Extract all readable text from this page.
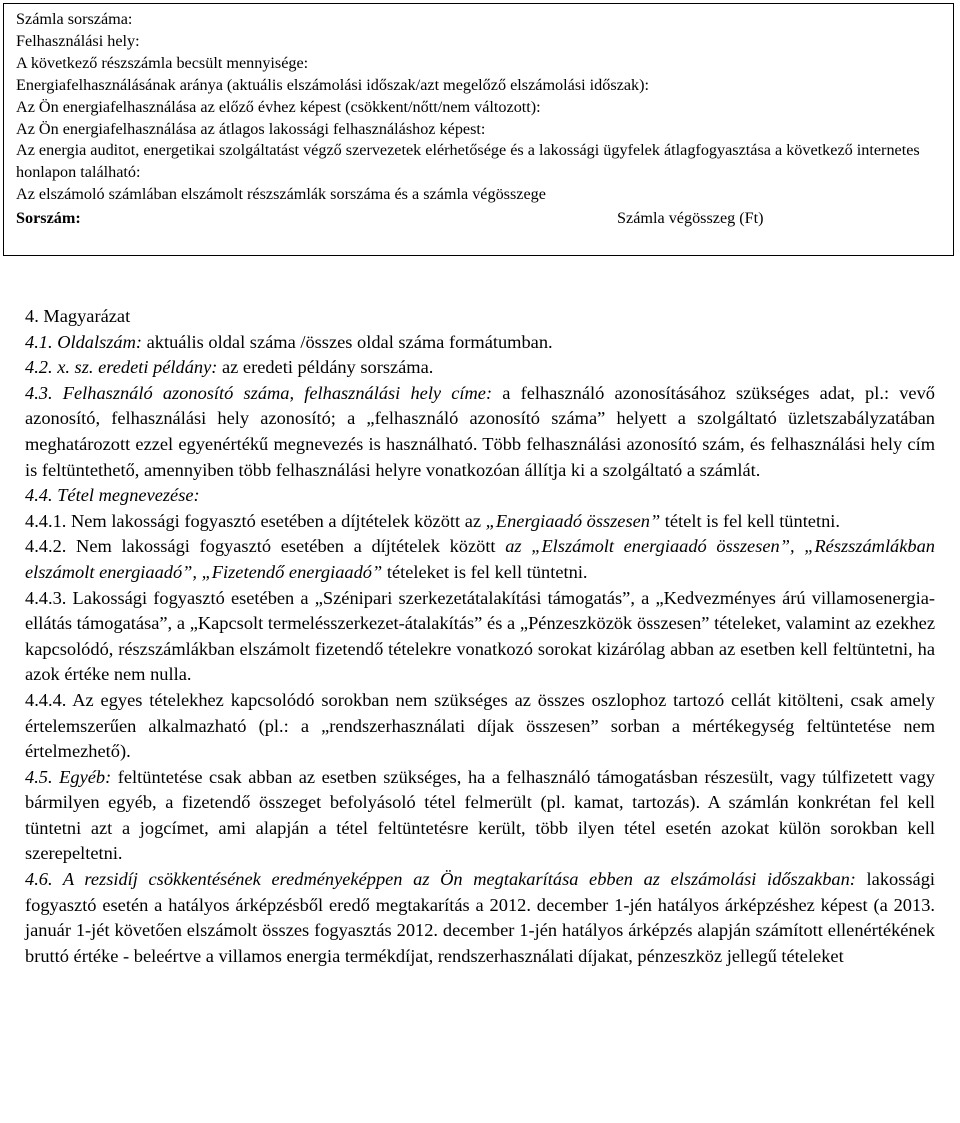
Számla sorszáma:
Felhasználási hely:
A következő részszámla becsült mennyisége:
Energiafelhasználásának aránya (aktuális elszámolási időszak/azt megelőző elszámolási időszak):
Az Ön energiafelhasználása az előző évhez képest (csökkent/nőtt/nem változott):
Az Ön energiafelhasználása az átlagos lakossági felhasználáshoz képest:
Az energia auditot, energetikai szolgáltatást végző szervezetek elérhetősége és a lakossági ügyfelek átlagfogyasztása a következő internetes honlapon található:
Az elszámoló számlában elszámolt részszámlák sorszáma és a számla végösszege
Sorszám:	Számla végösszeg (Ft)

4. Magyarázat

4.1. Oldalszám: aktuális oldal száma /összes oldal száma formátumban.

4.2. x. sz. eredeti példány: az eredeti példány sorszáma.

4.3. Felhasználó azonosító száma, felhasználási hely címe: a felhasználó azonosításához szükséges adat, pl.: vevő azonosító, felhasználási hely azonosító; a „felhasználó azonosító száma” helyett a szolgáltató üzletszabályzatában meghatározott ezzel egyenértékű megnevezés is használható. Több felhasználási azonosító szám, és felhasználási hely cím is feltüntethető, amennyiben több felhasználási helyre vonatkozóan állítja ki a szolgáltató a számlát.

4.4. Tétel megnevezése:

4.4.1. Nem lakossági fogyasztó esetében a díjtételek között az „Energiaadó összesen” tételt is fel kell tüntetni.

4.4.2. Nem lakossági fogyasztó esetében a díjtételek között az „Elszámolt energiaadó összesen”, „Részszámlákban elszámolt energiaadó”, „Fizetendő energiaadó” tételeket is fel kell tüntetni.

4.4.3. Lakossági fogyasztó esetében a „Szénipari szerkezetátalakítási támogatás”, a „Kedvezményes árú villamosenergia-ellátás támogatása”, a „Kapcsolt termelésszerkezet-átalakítás” és a „Pénzeszközök összesen” tételeket, valamint az ezekhez kapcsolódó, részszámlákban elszámolt fizetendő tételekre vonatkozó sorokat kizárólag abban az esetben kell feltüntetni, ha azok értéke nem nulla.

4.4.4. Az egyes tételekhez kapcsolódó sorokban nem szükséges az összes oszlophoz tartozó cellát kitölteni, csak amely értelemszerűen alkalmazható (pl.: a „rendszerhasználati díjak összesen” sorban a mértékegység feltüntetése nem értelmezhető).

4.5. Egyéb: feltüntetése csak abban az esetben szükséges, ha a felhasználó támogatásban részesült, vagy túlfizetett vagy bármilyen egyéb, a fizetendő összeget befolyásoló tétel felmerült (pl. kamat, tartozás). A számlán konkrétan fel kell tüntetni azt a jogcímet, ami alapján a tétel feltüntetésre került, több ilyen tétel esetén azokat külön sorokban kell szerepeltetni.

4.6. A rezsidíj csökkentésének eredményeképpen az Ön megtakarítása ebben az elszámolási időszakban: lakossági fogyasztó esetén a hatályos árképzésből eredő megtakarítás a 2012. december 1-jén hatályos árképzéshez képest (a 2013. január 1-jét követően elszámolt összes fogyasztás 2012. december 1-jén hatályos árképzés alapján számított ellenértékének bruttó értéke - beleértve a villamos energia termékdíjat, rendszerhasználati díjakat, pénzeszköz jellegű tételeket
